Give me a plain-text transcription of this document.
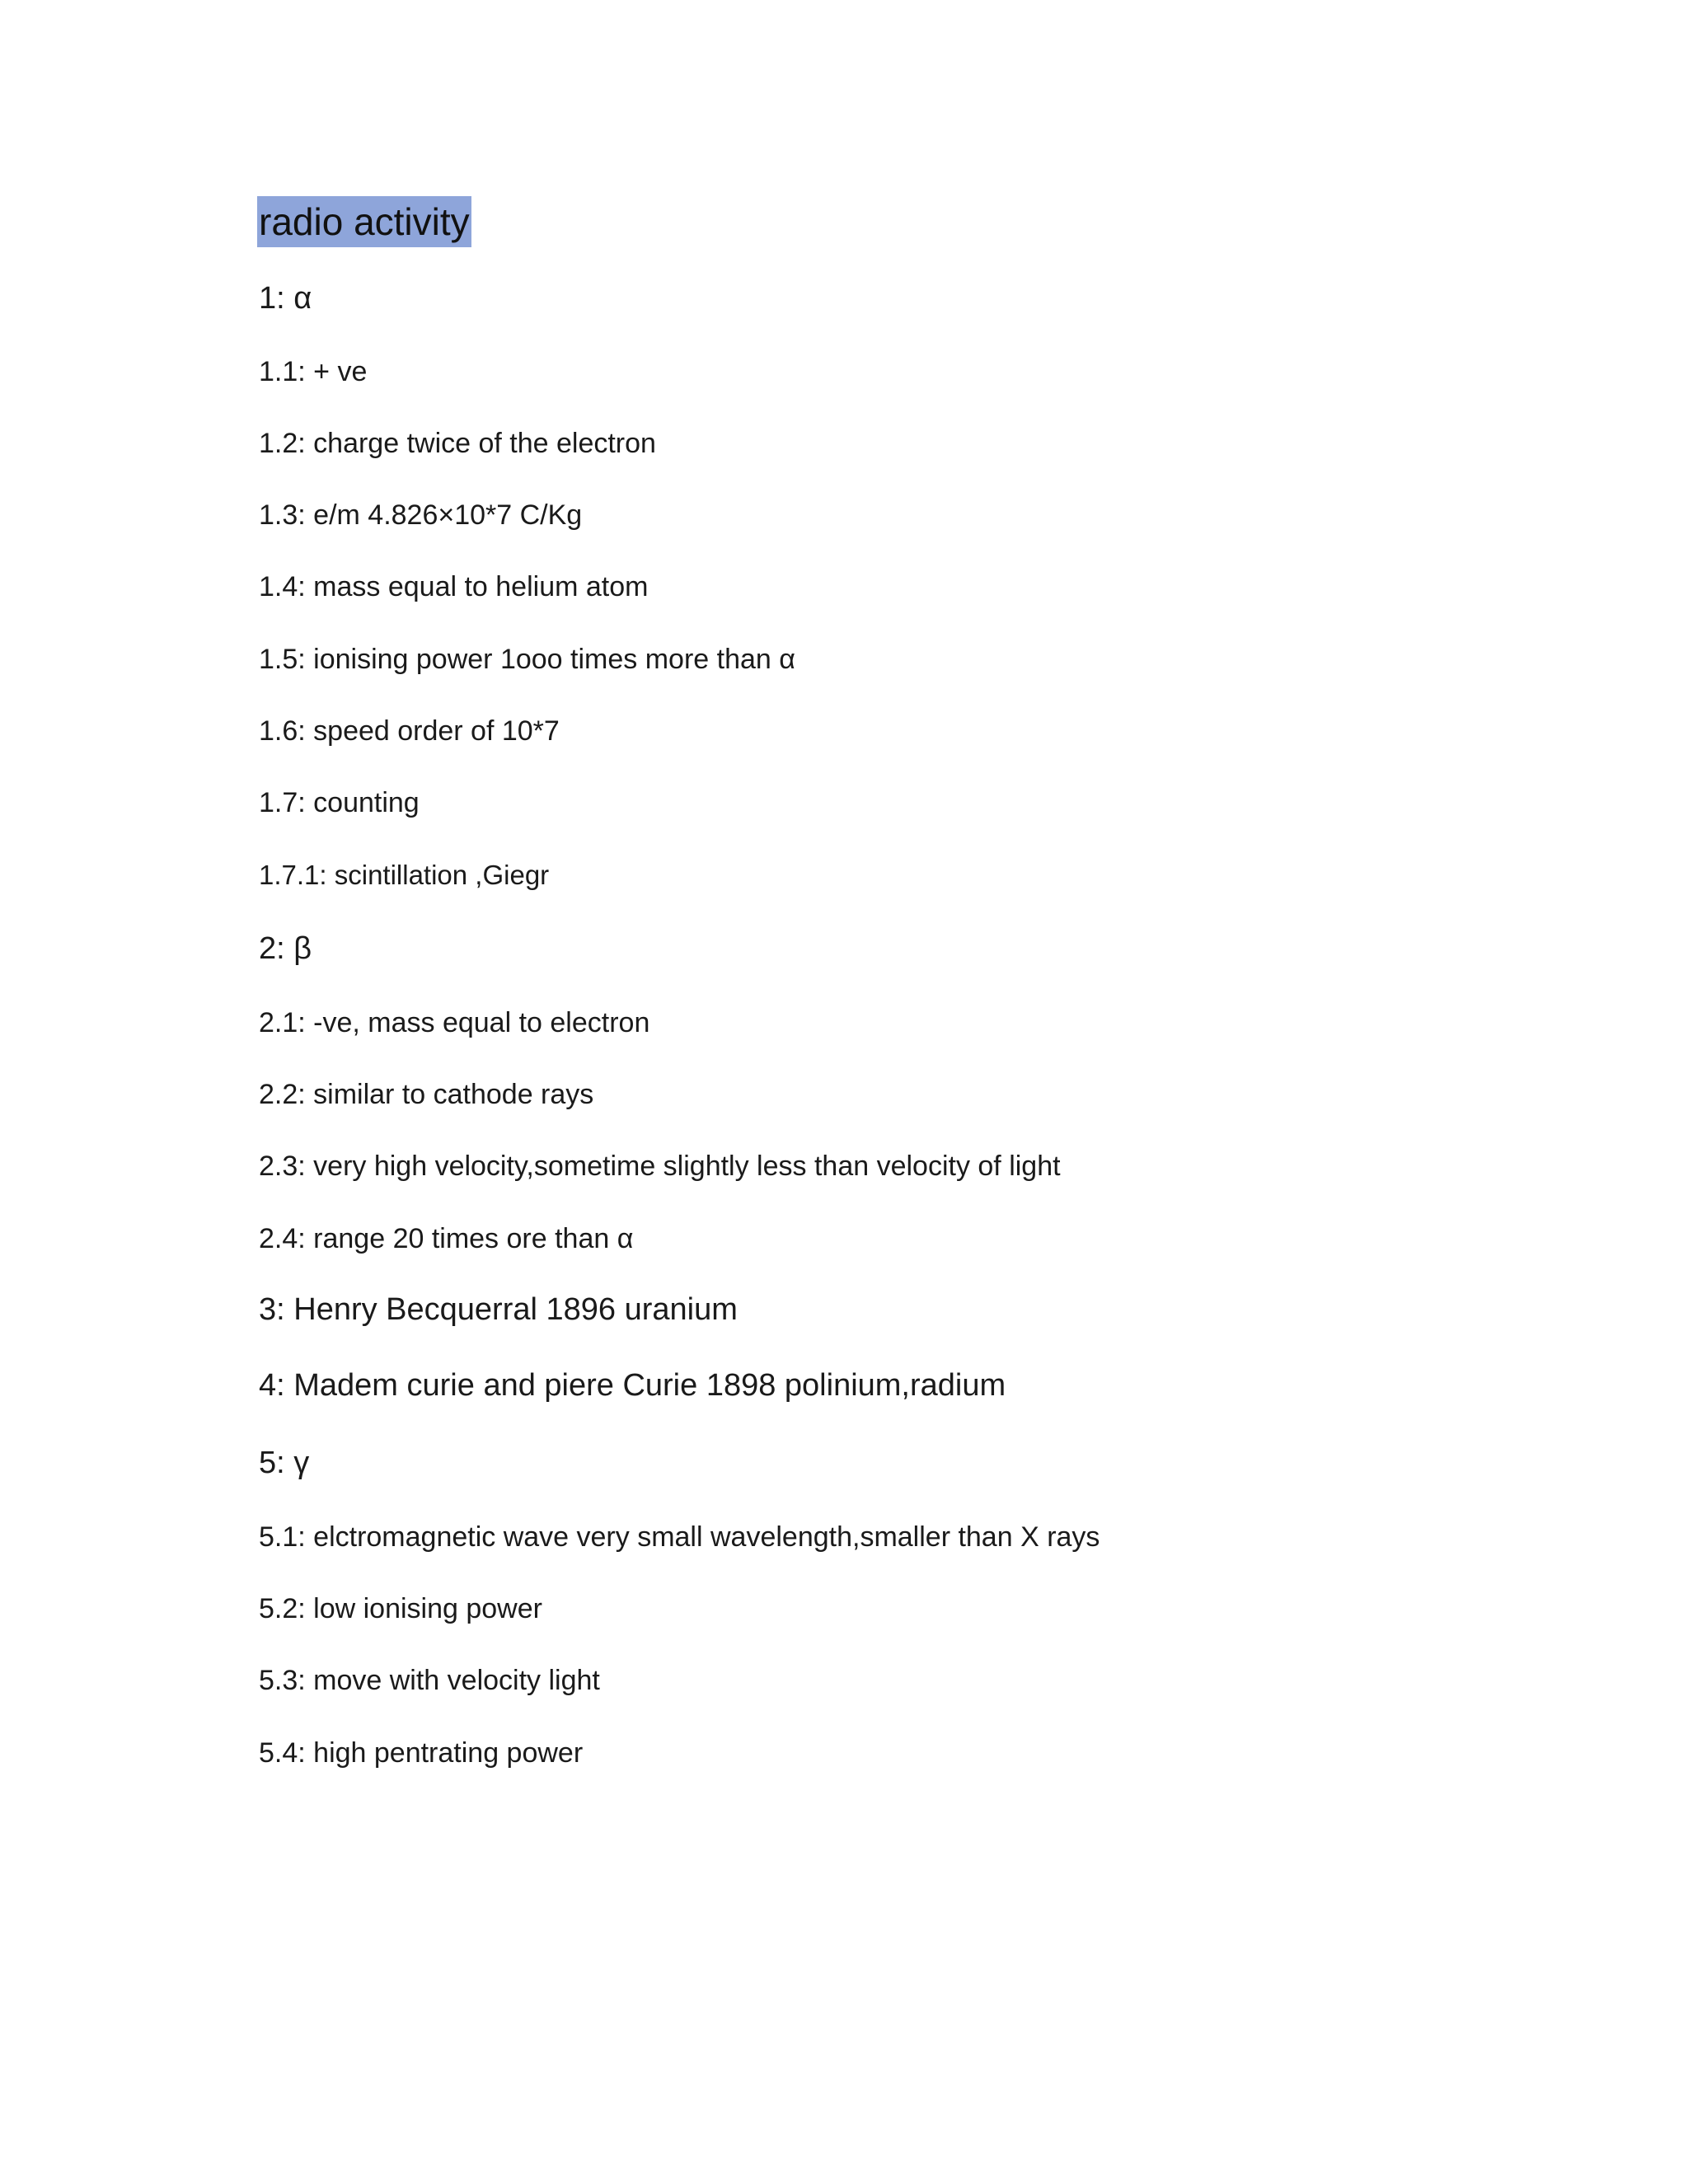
radio activity
1: α
1.1: + ve
1.2: charge twice of the electron
1.3: e/m 4.826×10*7 C/Kg
1.4: mass equal to helium atom
1.5: ionising power 1ooo times more than α
1.6: speed order of 10*7
1.7: counting
1.7.1: scintillation ,Giegr
2: β
2.1: -ve, mass equal to electron
2.2: similar to cathode rays
2.3: very high velocity,sometime slightly less than velocity of light
2.4: range 20 times ore than α
3: Henry Becquerral 1896 uranium
4: Madem curie and piere Curie 1898 polinium,radium
5: γ
5.1: elctromagnetic wave very small wavelength,smaller than X rays
5.2: low ionising power
5.3: move with velocity light
5.4: high pentrating power
